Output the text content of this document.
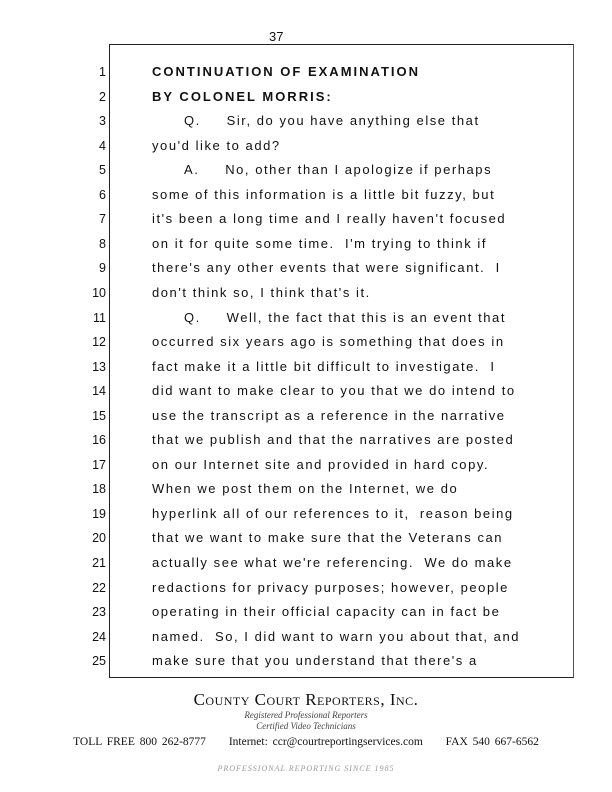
37
1	CONTINUATION OF EXAMINATION
2	BY COLONEL MORRIS:
3	Q.     Sir, do you have anything else that
4	you'd like to add?
5	A.     No, other than I apologize if perhaps
6	some of this information is a little bit fuzzy, but
7	it's been a long time and I really haven't focused
8	on it for quite some time.  I'm trying to think if
9	there's any other events that were significant.  I
10	don't think so, I think that's it.
11	Q.     Well, the fact that this is an event that
12	occurred six years ago is something that does in
13	fact make it a little bit difficult to investigate.  I
14	did want to make clear to you that we do intend to
15	use the transcript as a reference in the narrative
16	that we publish and that the narratives are posted
17	on our Internet site and provided in hard copy.
18	When we post them on the Internet, we do
19	hyperlink all of our references to it,  reason being
20	that we want to make sure that the Veterans can
21	actually see what we're referencing.  We do make
22	redactions for privacy purposes; however, people
23	operating in their official capacity can in fact be
24	named.  So, I did want to warn you about that, and
25	make sure that you understand that there's a
County Court Reporters, Inc.
Registered Professional Reporters
Certified Video Technicians
TOLL FREE 800 262-8777 Internet: ccr@courtreportingservices.com FAX 540 667-6562
PROFESSIONAL REPORTING SINCE 1985
